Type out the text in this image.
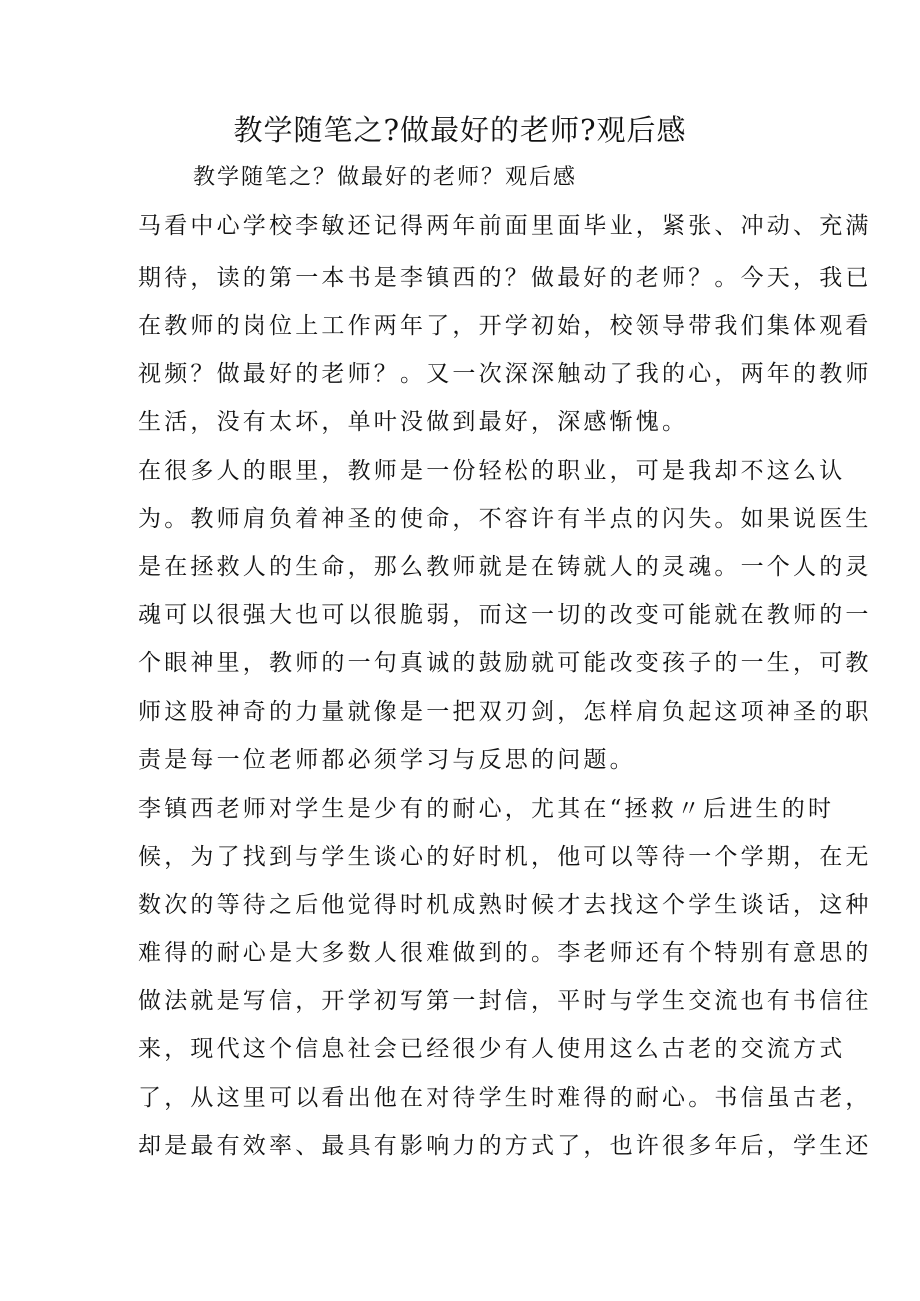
教学随笔之?做最好的老师?观后感
教学随笔之？做最好的老师？观后感
马看中心学校李敏还记得两年前面里面毕业，紧张、冲动、充满
期待，读的第一本书是李镇西的？做最好的老师？。今天，我已
在教师的岗位上工作两年了，开学初始，校领导带我们集体观看
视频？做最好的老师？。又一次深深触动了我的心，两年的教师
生活，没有太坏，单叶没做到最好，深感惭愧。
在很多人的眼里，教师是一份轻松的职业，可是我却不这么认
为。教师肩负着神圣的使命，不容许有半点的闪失。如果说医生
是在拯救人的生命，那么教师就是在铸就人的灵魂。一个人的灵
魂可以很强大也可以很脆弱，而这一切的改变可能就在教师的一
个眼神里，教师的一句真诚的鼓励就可能改变孩子的一生，可教
师这股神奇的力量就像是一把双刃剑，怎样肩负起这项神圣的职
责是每一位老师都必须学习与反思的问题。
李镇西老师对学生是少有的耐心，尤其在“拯救〃后进生的时
候，为了找到与学生谈心的好时机，他可以等待一个学期，在无
数次的等待之后他觉得时机成熟时候才去找这个学生谈话，这种
难得的耐心是大多数人很难做到的。李老师还有个特别有意思的
做法就是写信，开学初写第一封信，平时与学生交流也有书信往
来，现代这个信息社会已经很少有人使用这么古老的交流方式
了，从这里可以看出他在对待学生时难得的耐心。书信虽古老，
却是最有效率、最具有影响力的方式了，也许很多年后，学生还
